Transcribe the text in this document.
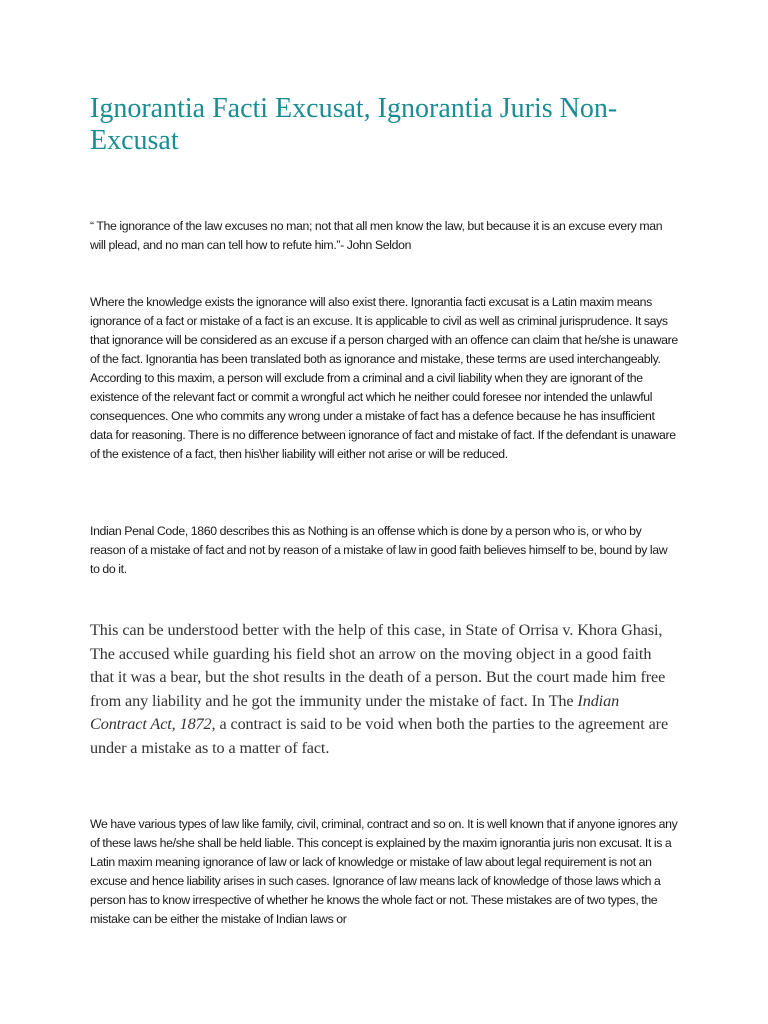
Ignorantia Facti Excusat, Ignorantia Juris Non-Excusat

“ The ignorance of the law excuses no man; not that all men know the law, but because it is an excuse every man will plead, and no man can tell how to refute him.”- John Seldon

Where the knowledge exists the ignorance will also exist there. Ignorantia facti excusat is a Latin maxim means ignorance of a fact or mistake of a fact is an excuse. It is applicable to civil as well as criminal jurisprudence. It says that ignorance will be considered as an excuse if a person charged with an offence can claim that he/she is unaware of the fact. Ignorantia has been translated both as ignorance and mistake, these terms are used interchangeably. According to this maxim, a person will exclude from a criminal and a civil liability when they are ignorant of the existence of the relevant fact or commit a wrongful act which he neither could foresee nor intended the unlawful consequences. One who commits any wrong under a mistake of fact has a defence because he has insufficient data for reasoning. There is no difference between ignorance of fact and mistake of fact. If the defendant is unaware of the existence of a fact, then his\her liability will either not arise or will be reduced.

Indian Penal Code, 1860 describes this as Nothing is an offense which is done by a person who is, or who by reason of a mistake of fact and not by reason of a mistake of law in good faith believes himself to be, bound by law to do it.

This can be understood better with the help of this case, in State of Orrisa v. Khora Ghasi, The accused while guarding his field shot an arrow on the moving object in a good faith that it was a bear, but the shot results in the death of a person. But the court made him free from any liability and he got the immunity under the mistake of fact. In The Indian Contract Act, 1872, a contract is said to be void when both the parties to the agreement are under a mistake as to a matter of fact.

We have various types of law like family, civil, criminal, contract and so on. It is well known that if anyone ignores any of these laws he/she shall be held liable. This concept is explained by the maxim ignorantia juris non excusat. It is a Latin maxim meaning ignorance of law or lack of knowledge or mistake of law about legal requirement is not an excuse and hence liability arises in such cases. Ignorance of law means lack of knowledge of those laws which a person has to know irrespective of whether he knows the whole fact or not. These mistakes are of two types, the mistake can be either the mistake of Indian laws or
